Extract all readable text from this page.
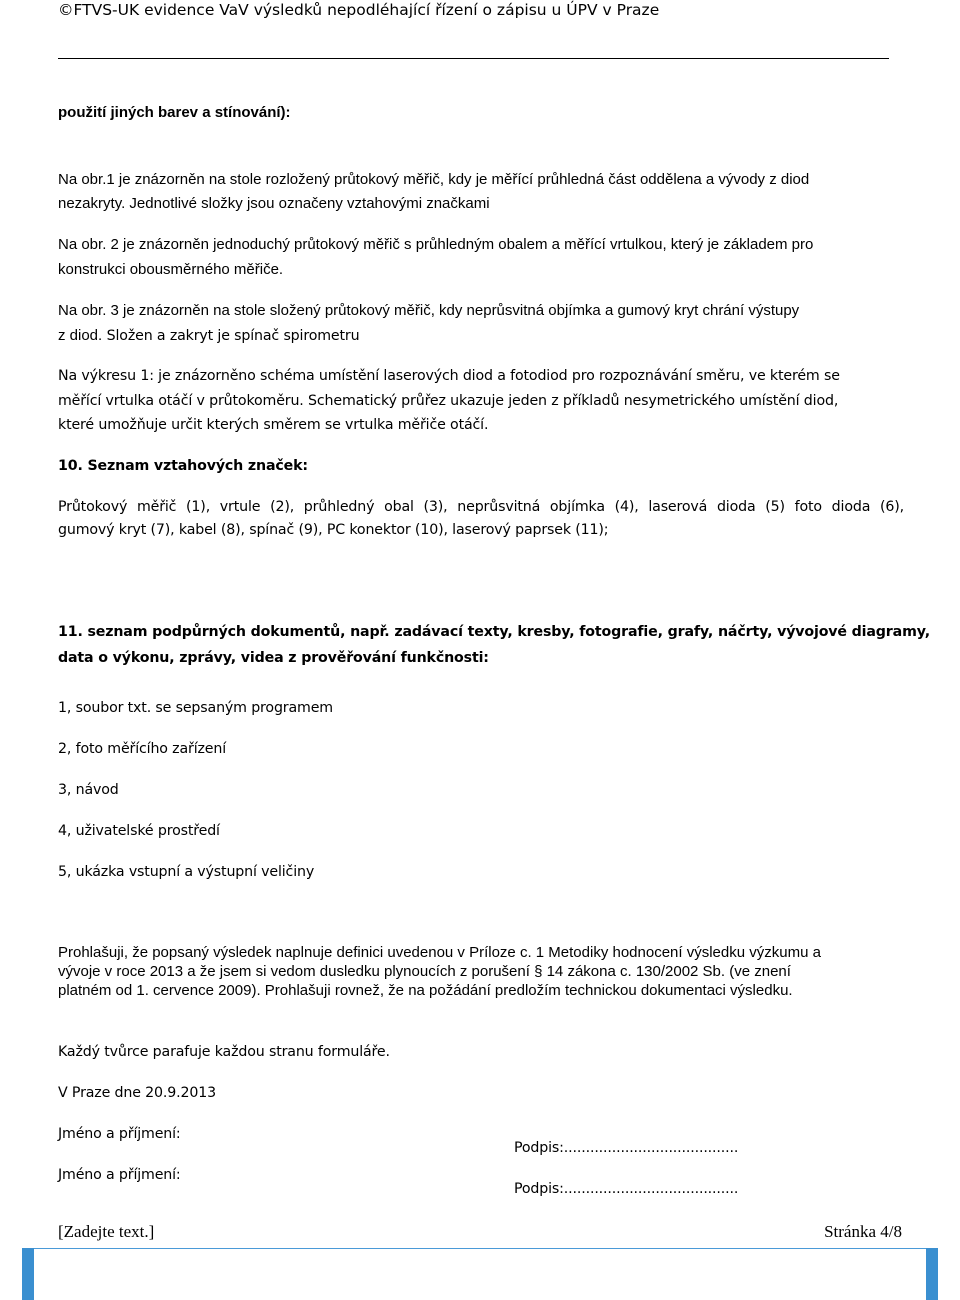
©FTVS-UK evidence VaV výsledků nepodléhající řízení o zápisu u ÚPV v Praze

použití jiných barev a stínování):

Na obr.1 je znázorněn na stole rozložený průtokový měřič, kdy je měřící průhledná část oddělena a vývody z diod

nezakryty. Jednotlivé složky jsou označeny vztahovými značkami

Na obr. 2 je znázorněn jednoduchý průtokový měřič s průhledným obalem a měřící vrtulkou, který je základem pro

konstrukci obousměrného měřiče.

Na obr. 3 je znázorněn na stole složený průtokový měřič, kdy neprůsvitná objímka a gumový kryt chrání výstupy

z diod. Složen a zakryt je spínač spirometru

Na výkresu 1: je znázorněno schéma umístění laserových diod a fotodiod pro rozpoznávání směru, ve kterém se

měřící vrtulka otáčí v průtokoměru. Schematický průřez ukazuje jeden z příkladů nesymetrického umístění diod,

které umožňuje určit kterých směrem se vrtulka měřiče otáčí.

10. Seznam vztahových značek:

Průtokový měřič (1), vrtule (2), průhledný obal (3), neprůsvitná objímka (4), laserová dioda (5) foto dioda (6),

gumový kryt (7), kabel (8), spínač (9), PC konektor (10), laserový paprsek (11);

11. seznam podpůrných dokumentů, např. zadávací texty, kresby, fotografie, grafy, náčrty, vývojové diagramy,

data o výkonu, zprávy, videa z prověřování funkčnosti:

1, soubor txt. se sepsaným programem

2, foto měřícího zařízení

3, návod

4, uživatelské prostředí

5, ukázka vstupní a výstupní veličiny

Prohlašuji, že popsaný výsledek naplnuje definici uvedenou v Príloze c. 1 Metodiky hodnocení výsledku výzkumu a

vývoje v roce 2013 a že jsem si vedom dusledku plynoucích z porušení § 14 zákona c. 130/2002 Sb. (ve znení

platném od 1. cervence 2009). Prohlašuji rovnež, že na požádání predložím technickou dokumentaci výsledku.

Každý tvůrce parafuje každou stranu formuláře.

V Praze dne 20.9.2013

Jméno a příjmení:

Podpis:........................................

Jméno a příjmení:

Podpis:........................................

[Zadejte text.]	Stránka 4/8
